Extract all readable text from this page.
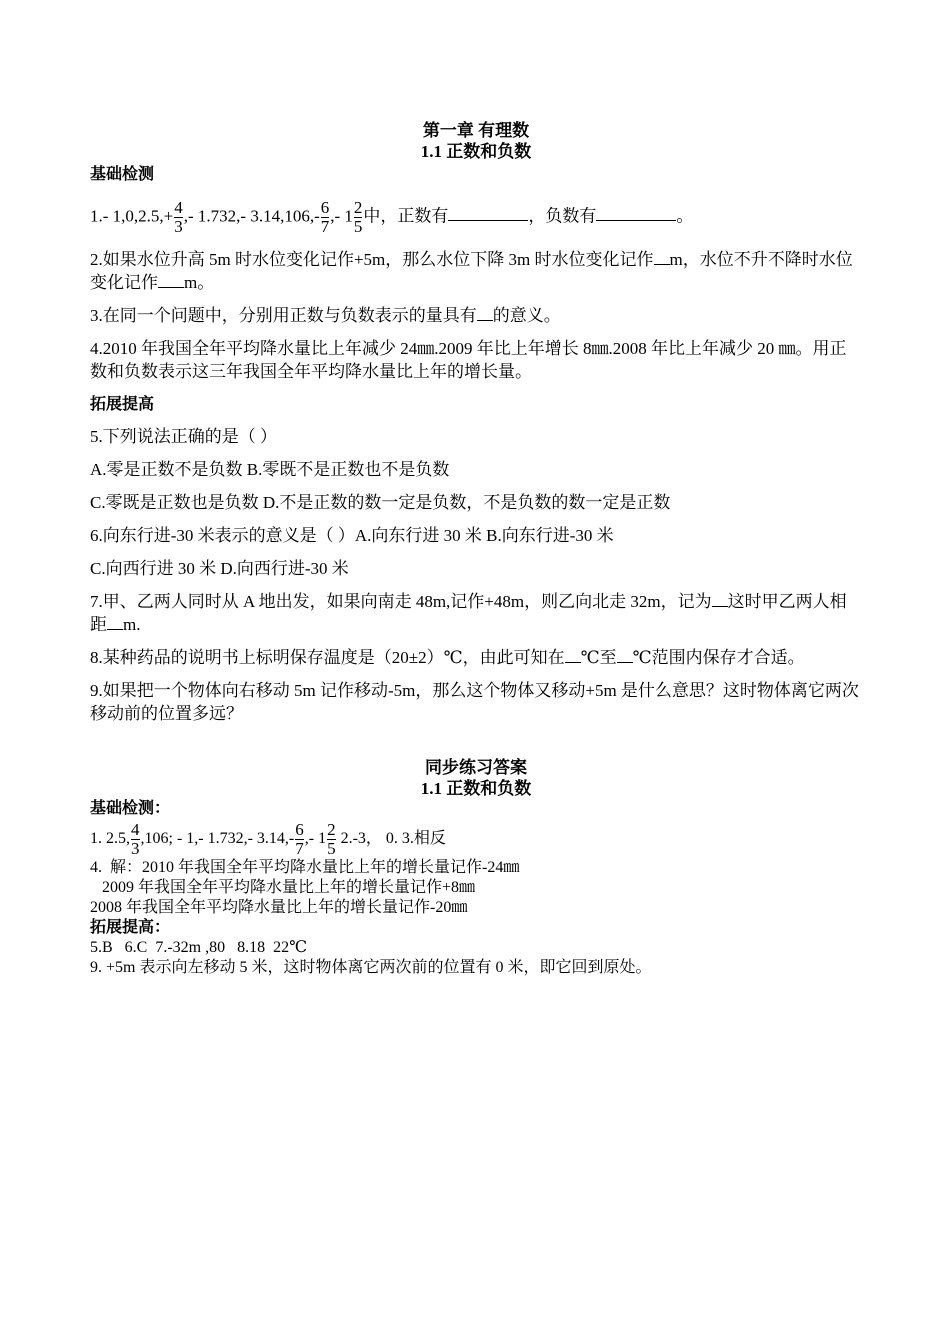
第一章 有理数
1.1 正数和负数
基础检测

1.- $1,0,2.5,+ \frac{4}{3}$ ,- 1.732,- $3.14,106,- \frac{6}{7}$ ,- $1 \frac{2}{5}$ 中，正数有	，负数有	。

2.如果水位升高 5m 时水位变化记作+5m，那么水位下降 3m 时水位变化记作 m，水位不升不降时水位变化记作 m。

3.在同一个问题中，分别用正数与负数表示的量具有 的意义。

4.2010 年我国全年平均降水量比上年减少 24㎜.2009 年比上年增长 8㎜.2008 年比上年减少 20 ㎜。用正数和负数表示这三年我国全年平均降水量比上年的增长量。

拓展提高

5.下列说法正确的是（ ）

A.零是正数不是负数 B.零既不是正数也不是负数

C.零既是正数也是负数 D.不是正数的数一定是负数，不是负数的数一定是正数

6.向东行进-30 米表示的意义是（ ）A.向东行进 30 米 B.向东行进-30 米

C.向西行进 30 米 D.向西行进-30 米

7.甲、乙两人同时从 A 地出发，如果向南走 48m,记作+48m，则乙向北走 32m，记为 这时甲乙两人相距 m.

8.某种药品的说明书上标明保存温度是（20±2）℃，由此可知在 ℃至 ℃范围内保存才合适。

9.如果把一个物体向右移动 5m 记作移动-5m，那么这个物体又移动+5m 是什么意思？这时物体离它两次移动前的位置多远？

同步练习答案
1.1 正数和负数
基础检测：

1. 2.5, $\frac{4}{3} ,106$; - 1,- 1.732,- $3.14,- \frac{6}{7}$ ,- $1 \frac{2}{5} 2.-3$， 0. 3.相反

4.  解：2010 年我国全年平均降水量比上年的增长量记作-24㎜

2009 年我国全年平均降水量比上年的增长量记作+8㎜

2008 年我国全年平均降水量比上年的增长量记作-20㎜

拓展提高：

5.B   6.C  7.-32m ,80   8.18  22℃

9. +5m 表示向左移动 5 米，这时物体离它两次前的位置有 0 米，即它回到原处。
